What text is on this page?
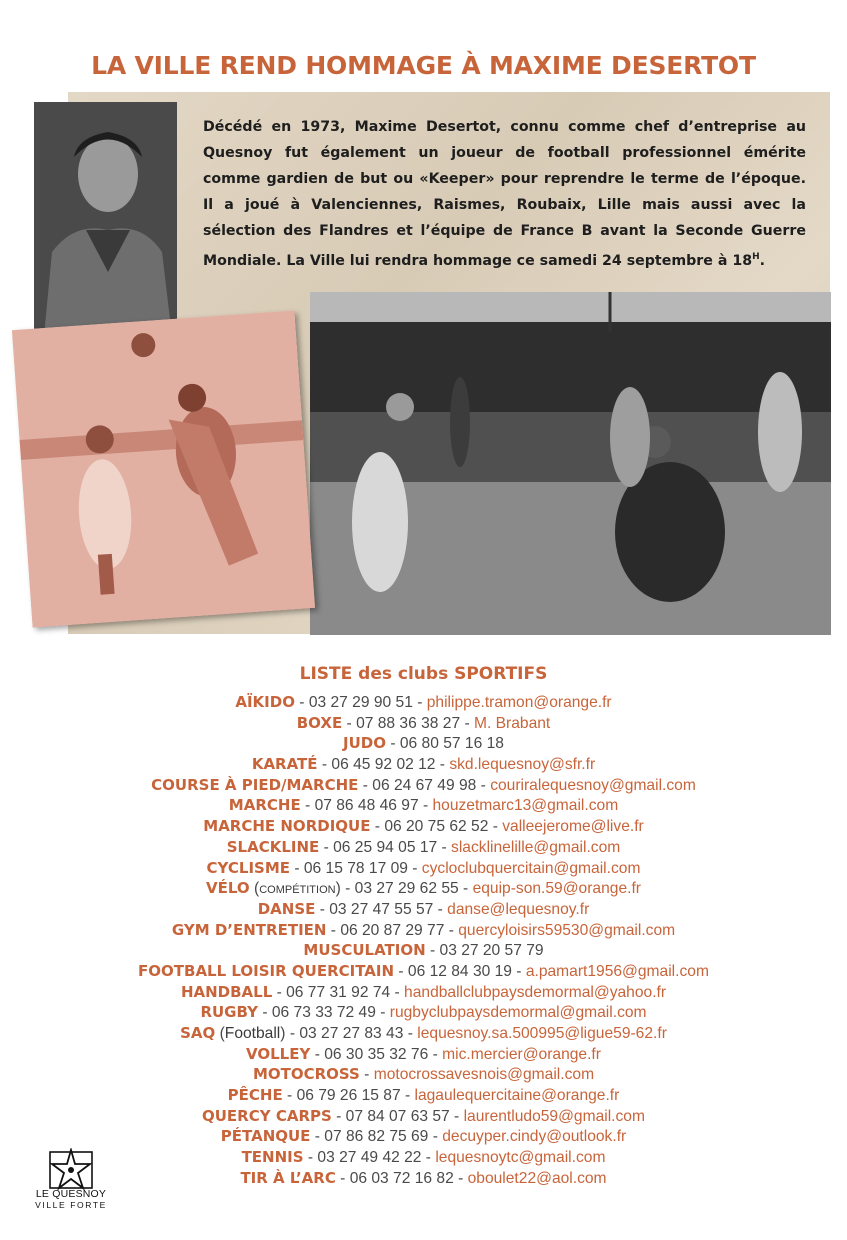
LA VILLE REND HOMMAGE À MAXIME DESERTOT

Décédé en 1973, Maxime Desertot, connu comme chef d’entreprise au Quesnoy fut également un joueur de football professionnel émérite comme gardien de but ou «Keeper» pour reprendre le terme de l’époque. Il a joué à Valenciennes, Raismes, Roubaix, Lille mais aussi avec la sélection des Flandres et l’équipe de France B avant la Seconde Guerre Mondiale. La Ville lui rendra hommage ce samedi 24 septembre à $18^H$.

LISTE des clubs SPORTIFS
AÏKIDO - 03 27 29 90 51 - philippe.tramon@orange.fr
BOXE - 07 88 36 38 27 - M. Brabant
JUDO - 06 80 57 16 18
KARATÉ - 06 45 92 02 12 - skd.lequesnoy@sfr.fr
COURSE À PIED/MARCHE - 06 24 67 49 98 - couriralequesnoy@gmail.com
MARCHE - 07 86 48 46 97 - houzetmarc13@gmail.com
MARCHE NORDIQUE - 06 20 75 62 52 - valleejerome@live.fr
SLACKLINE - 06 25 94 05 17 - slacklinelille@gmail.com
CYCLISME - 06 15 78 17 09 - cycloclubquercitain@gmail.com
VÉLO (COMPÉTITION) - 03 27 29 62 55 - equip-son.59@orange.fr
DANSE - 03 27 47 55 57 - danse@lequesnoy.fr
GYM D’ENTRETIEN - 06 20 87 29 77 - quercyloisirs59530@gmail.com
MUSCULATION - 03 27 20 57 79
FOOTBALL LOISIR QUERCITAIN - 06 12 84 30 19 - a.pamart1956@gmail.com
HANDBALL - 06 77 31 92 74 - handballclubpaysdemormal@yahoo.fr
RUGBY - 06 73 33 72 49 - rugbyclubpaysdemormal@gmail.com
SAQ (Football) - 03 27 27 83 43 - lequesnoy.sa.500995@ligue59-62.fr
VOLLEY - 06 30 35 32 76 - mic.mercier@orange.fr
MOTOCROSS - motocrossavesnois@gmail.com
PÊCHE - 06 79 26 15 87 - lagaulequercitaine@orange.fr
QUERCY CARPS - 07 84 07 63 57 - laurentludo59@gmail.com
PÉTANQUE - 07 86 82 75 69 - decuyper.cindy@outlook.fr
TENNIS - 03 27 49 42 22 - lequesnoytc@gmail.com
TIR À L’ARC - 06 03 72 16 82 - oboulet22@aol.com
LE QUESNOY
VILLE FORTE
